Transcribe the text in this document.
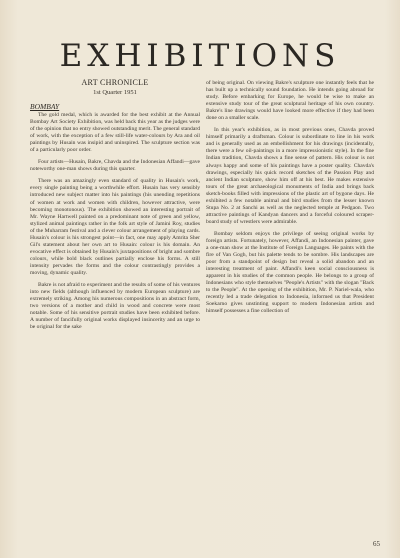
EXHIBITIONS
ART CHRONICLE
1st Quarter 1951

BOMBAY

The gold medal, which is awarded for the best exhibit at the Annual Bombay Art Society Exhibition, was held back this year as the judges were of the opinion that no entry showed outstanding merit. The general standard of work, with the exception of a few still-life water-colours by Ara and oil paintings by Husain was insipid and uninspired. The sculpture section was of a particularly poor order.

Four artists—Husain, Bakre, Chavda and the Indonesian Affandi—gave noteworthy one-man shows during this quarter.

There was an amazingly even standard of quality in Husain's work, every single painting being a worthwhile effort. Husain has very sensibly introduced new subject matter into his paintings (his unending repetitions of women at work and women with children, however attractive, were becoming monotonous). The exhibition showed an interesting portrait of Mr. Wayne Hartwell painted on a predominant note of green and yellow, stylized animal paintings rather in the folk art style of Jamini Roy, studies of the Muharram festival and a clever colour arrangement of playing cards. Husain's colour is his strongest point—in fact, one may apply Amrita Sher Gil's statement about her own art to Husain: colour is his domain. An evocative effect is obtained by Husain's juxtapositions of bright and sombre colours, while bold black outlines partially enclose his forms. A still intensity pervades the forms and the colour contrastingly provides a moving, dynamic quality.

Bakre is not afraid to experiment and the results of some of his ventures into new fields (although influenced by modern European sculpture) are extremely striking. Among his numerous compositions in an abstract form, two versions of a mother and child in wood and concrete were most notable. Some of his sensitive portrait studies have been exhibited before. A number of fancifully original works displayed insincerity and an urge to be original for the sake

of being original. On viewing Bakre's sculpture one instantly feels that he has built up a technically sound foundation. He intends going abroad for study. Before embarking for Europe, he would be wise to make an extensive study tour of the great sculptural heritage of his own country. Bakre's line drawings would have looked more effective if they had been done on a smaller scale.

In this year's exhibition, as in most previous ones, Chavda proved himself primarily a draftsman. Colour is subordinate to line in his work and is generally used as an embellishment for his drawings (incidentally, there were a few oil-paintings in a more impressionistic style). In the fine Indian tradition, Chavda shows a fine sense of pattern. His colour is not always happy and some of his paintings have a poster quality. Chavda's drawings, especially his quick record sketches of the Passion Play and ancient Indian sculpture, show him off at his best. He makes extensive tours of the great archaeological monuments of India and brings back sketch-books filled with impressions of the plastic art of bygone days. He exhibited a few notable animal and bird studies from the lesser known Stupa No. 2 at Sanchi as well as the neglected temple at Pedgaon. Two attractive paintings of Kandyan dancers and a forceful coloured scraper-board study of wrestlers were admirable.

Bombay seldom enjoys the privilege of seeing original works by foreign artists. Fortunately, however, Affandi, an Indonesian painter, gave a one-man show at the Institute of Foreign Languages. He paints with the fire of Van Gogh, but his palette tends to be sombre. His landscapes are poor from a standpoint of design but reveal a solid abandon and an interesting treatment of paint. Affandi's keen social consciousness is apparent in his studies of the common people. He belongs to a group of Indonesians who style themselves "People's Artists" with the slogan "Back to the People". At the opening of the exhibition, Mr. P. Nariel-wala, who recently led a trade delegation to Indonesia, informed us that President Soekarno gives unstinting support to modern Indonesian artists and himself possesses a fine collection of

65
